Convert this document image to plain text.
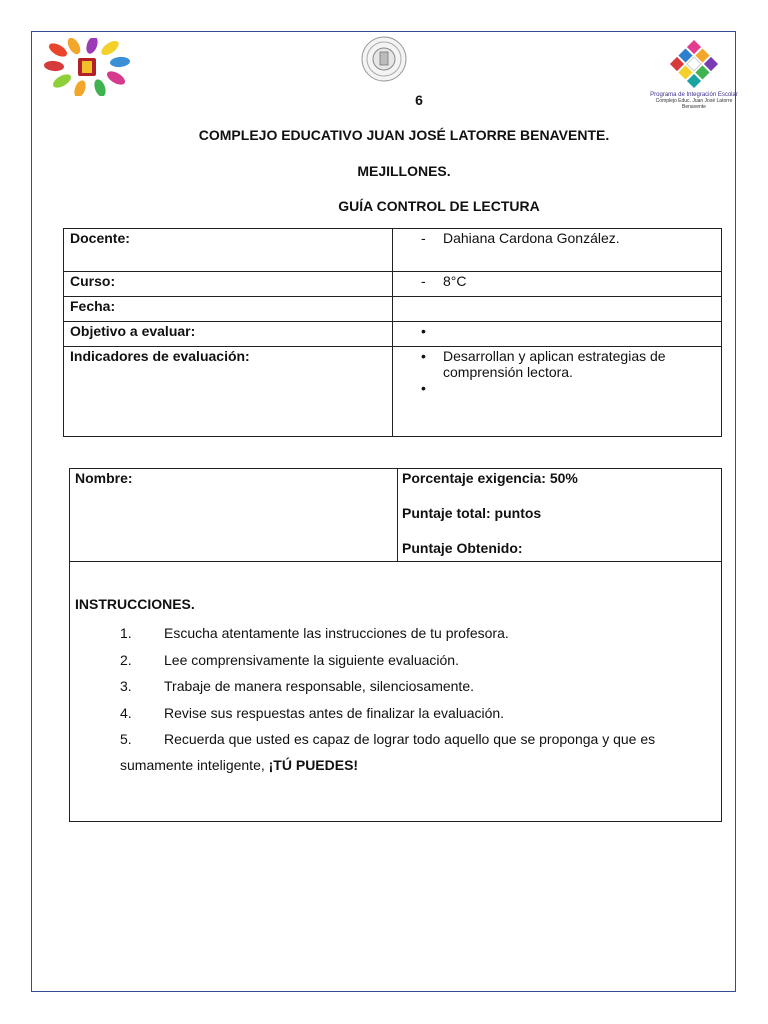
Programa de Integración Escolar
Complejo Educ. Juan José Latorre Benavente
6
COMPLEJO EDUCATIVO JUAN JOSÉ LATORRE BENAVENTE.
MEJILLONES.
GUÍA CONTROL DE LECTURA
Docente:	- Dahiana Cardona González.

Curso:	- 8°C

Fecha:	
Objetivo a evaluar:	•

Indicadores de evaluación:	• Desarrollan y aplican estrategias de comprensión lectora.
•
Nombre:	Porcentaje exigencia: 50%
Puntaje total: puntos
Puntaje Obtenido:
INSTRUCCIONES.
1. Escucha atentamente las instrucciones de tu profesora.
2. Lee comprensivamente la siguiente evaluación.
3. Trabaje de manera responsable, silenciosamente.
4. Revise sus respuestas antes de finalizar la evaluación.
5. Recuerda que usted es capaz de lograr todo aquello que se proponga y que es
sumamente inteligente, ¡TÚ PUEDES!
